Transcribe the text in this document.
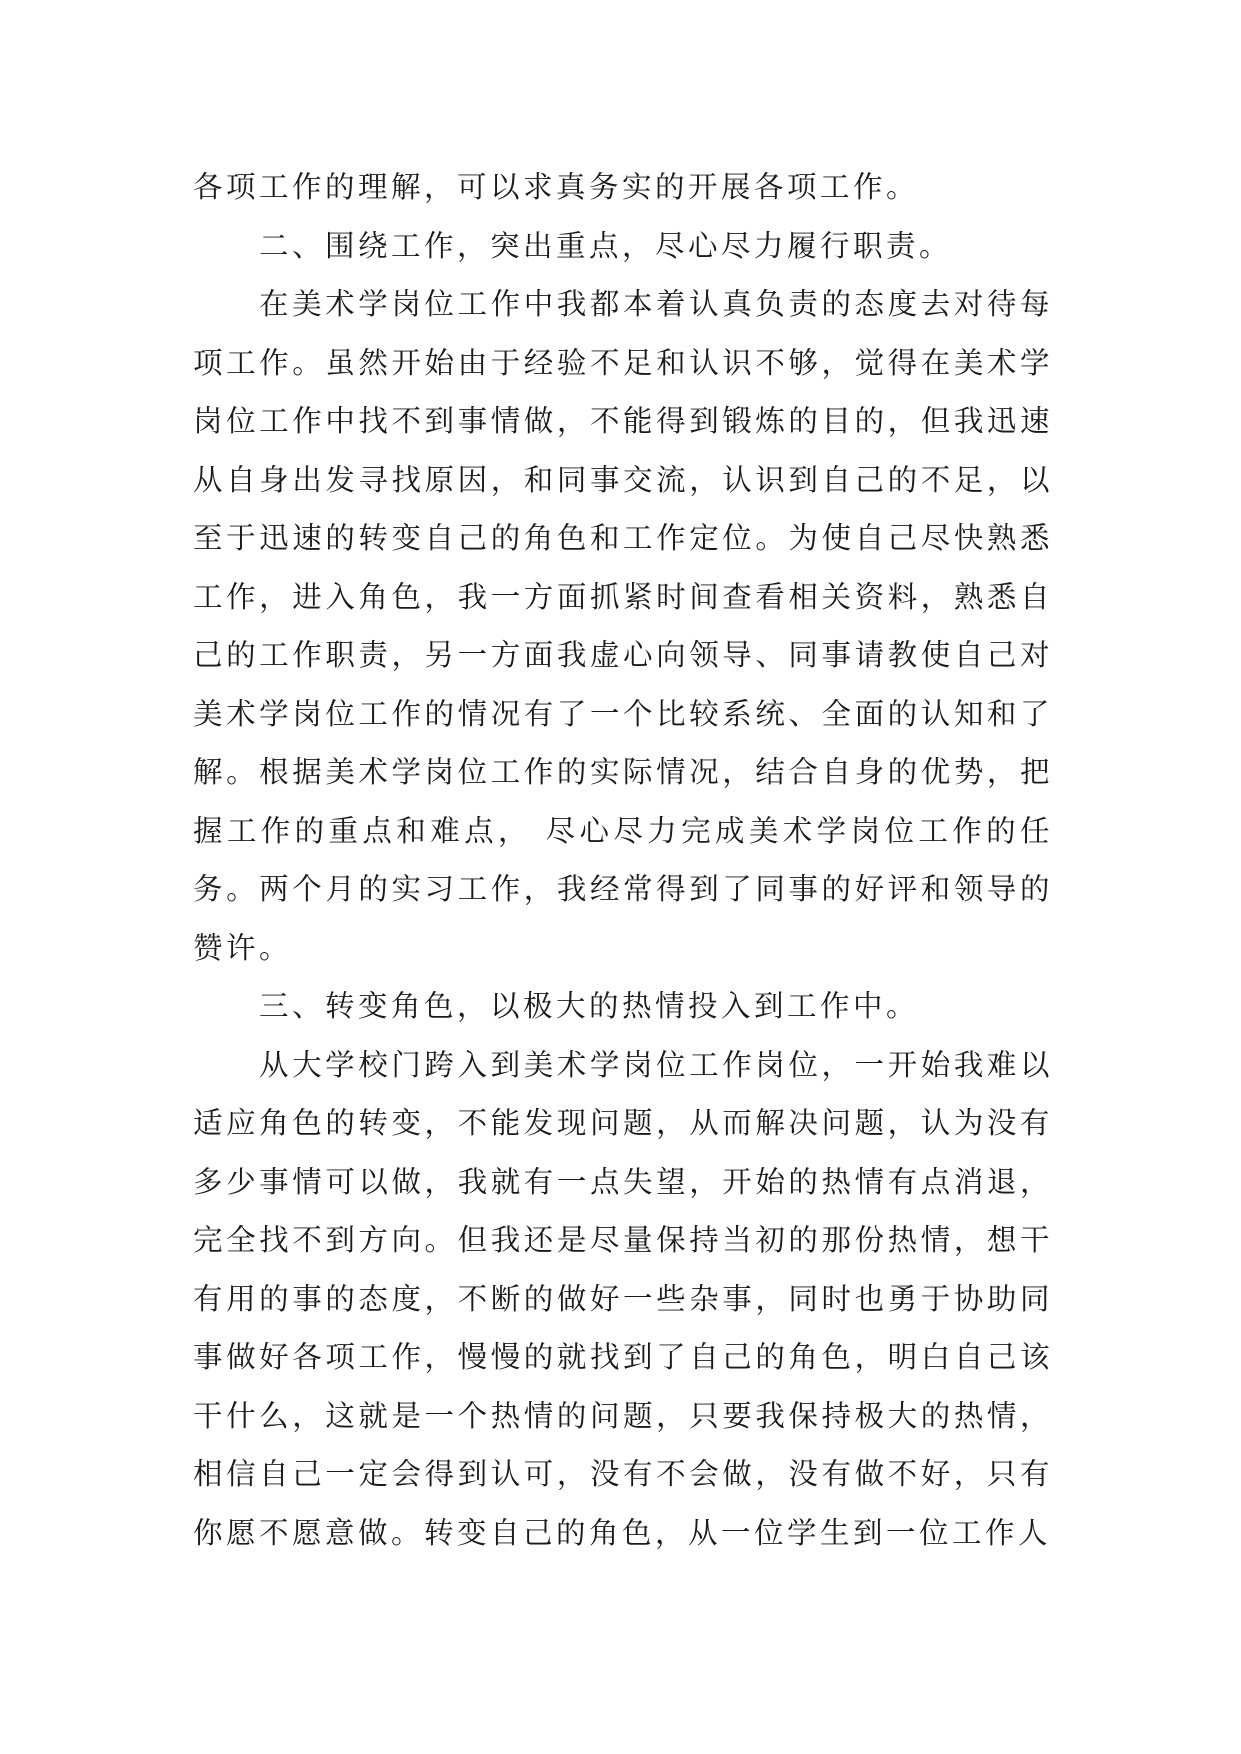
各项工作的理解，可以求真务实的开展各项工作。

二、围绕工作，突出重点，尽心尽力履行职责。

在美术学岗位工作中我都本着认真负责的态度去对待每项工作。虽然开始由于经验不足和认识不够，觉得在美术学岗位工作中找不到事情做，不能得到锻炼的目的，但我迅速从自身出发寻找原因，和同事交流，认识到自己的不足，以至于迅速的转变自己的角色和工作定位。为使自己尽快熟悉工作，进入角色，我一方面抓紧时间查看相关资料，熟悉自己的工作职责，另一方面我虚心向领导、同事请教使自己对美术学岗位工作的情况有了一个比较系统、全面的认知和了解。根据美术学岗位工作的实际情况，结合自身的优势，把握工作的重点和难点， 尽心尽力完成美术学岗位工作的任务。两个月的实习工作，我经常得到了同事的好评和领导的赞许。

三、转变角色，以极大的热情投入到工作中。

从大学校门跨入到美术学岗位工作岗位，一开始我难以适应角色的转变，不能发现问题，从而解决问题，认为没有多少事情可以做，我就有一点失望，开始的热情有点消退，完全找不到方向。但我还是尽量保持当初的那份热情，想干有用的事的态度，不断的做好一些杂事，同时也勇于协助同事做好各项工作，慢慢的就找到了自己的角色，明白自己该干什么，这就是一个热情的问题，只要我保持极大的热情，相信自己一定会得到认可，没有不会做，没有做不好，只有你愿不愿意做。转变自己的角色，从一位学生到一位工作人
